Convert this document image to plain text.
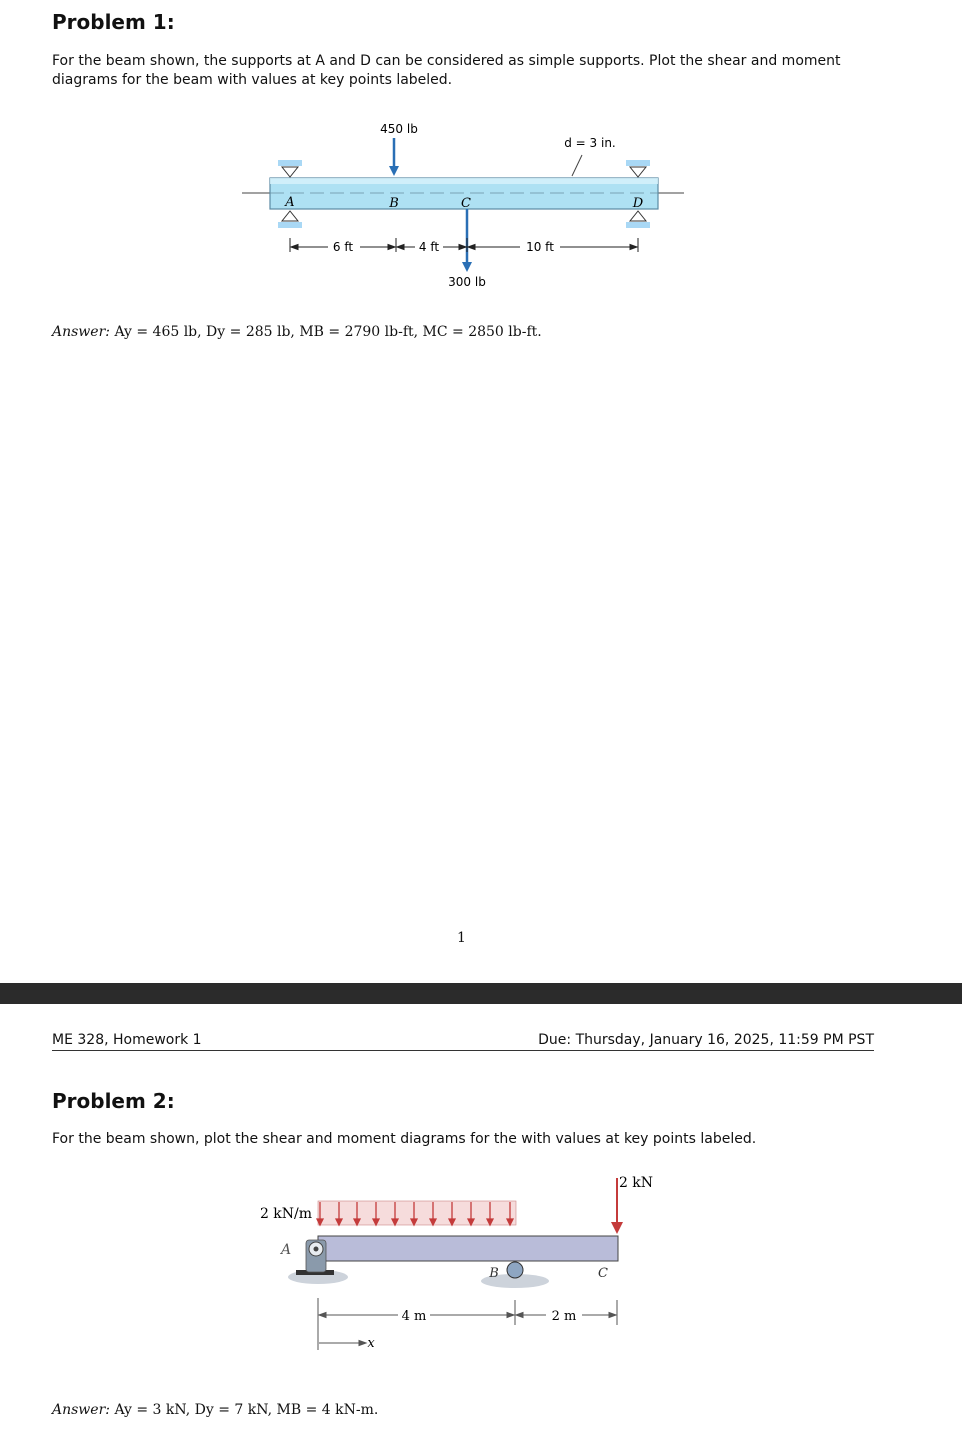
Problem 1:
For the beam shown, the supports at A and D can be considered as simple supports. Plot the shear and moment diagrams for the beam with values at key points labeled.
450 lb
300 lb
d = 3 in.
A	B	C	D
6 ft	4 ft	10 ft
Answer: Ay = 465 lb, Dy = 285 lb, MB = 2790 lb-ft, MC = 2850 lb-ft.
1
ME 328, Homework 1	Due: Thursday, January 16, 2025, 11:59 PM PST
Problem 2:
For the beam shown, plot the shear and moment diagrams for the with values at key points labeled.
2 kN/m
A
B	C
2 kN
4 m	2 m
x
Answer: Ay = 3 kN, Dy = 7 kN, MB = 4 kN-m.
